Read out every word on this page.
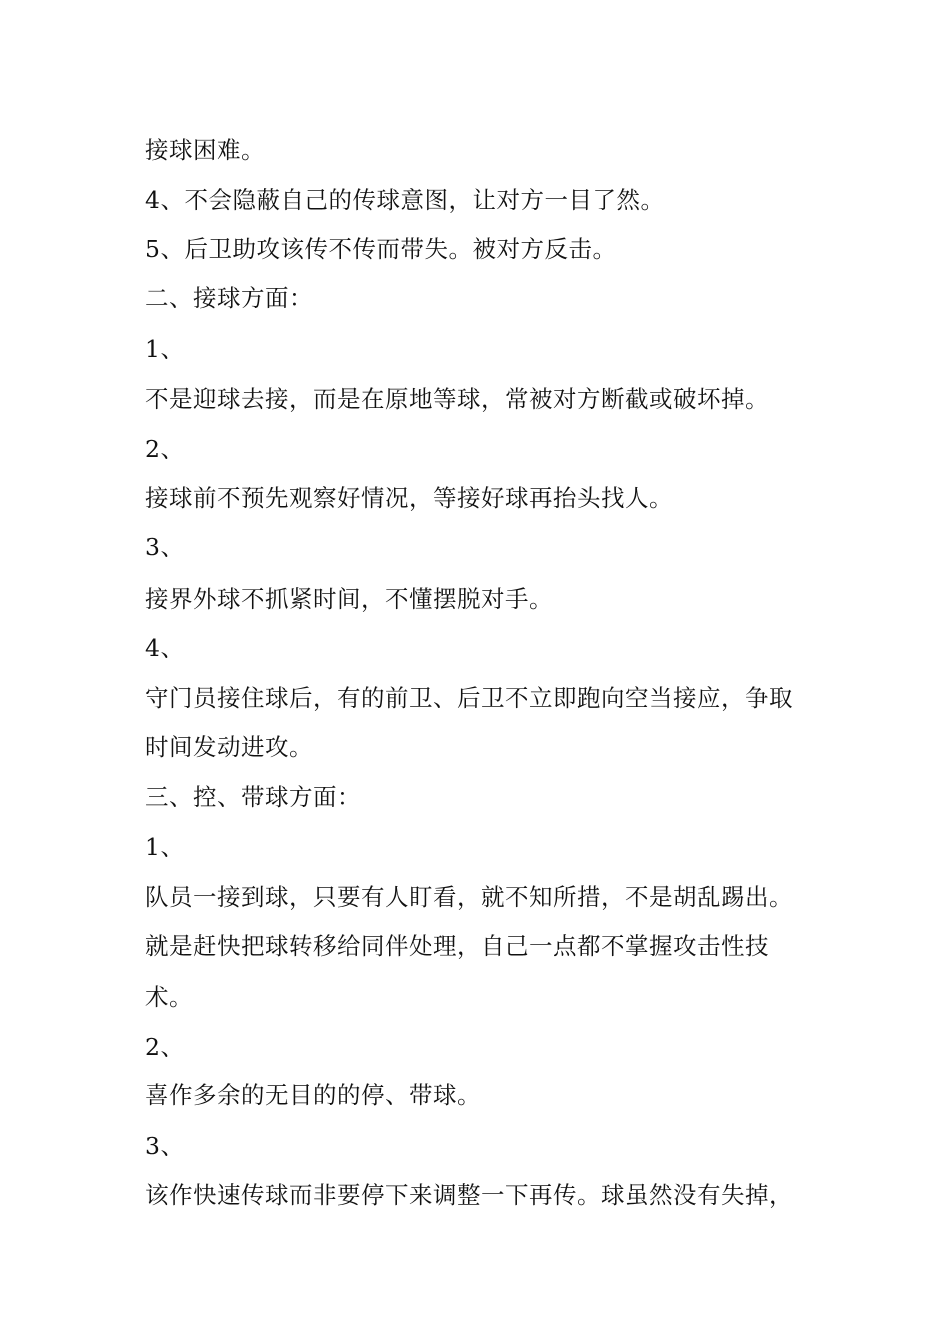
接球困难。
4、不会隐蔽自己的传球意图，让对方一目了然。
5、后卫助攻该传不传而带失。被对方反击。
二、接球方面：
1、
不是迎球去接，而是在原地等球，常被对方断截或破坏掉。
2、
接球前不预先观察好情况，等接好球再抬头找人。
3、
接界外球不抓紧时间，不懂摆脱对手。
4、
守门员接住球后，有的前卫、后卫不立即跑向空当接应，争取
时间发动进攻。
三、控、带球方面：
1、
队员一接到球，只要有人盯看，就不知所措，不是胡乱踢出。
就是赶快把球转移给同伴处理，自己一点都不掌握攻击性技
术。
2、
喜作多余的无目的的停、带球。
3、
该作快速传球而非要停下来调整一下再传。球虽然没有失掉，
